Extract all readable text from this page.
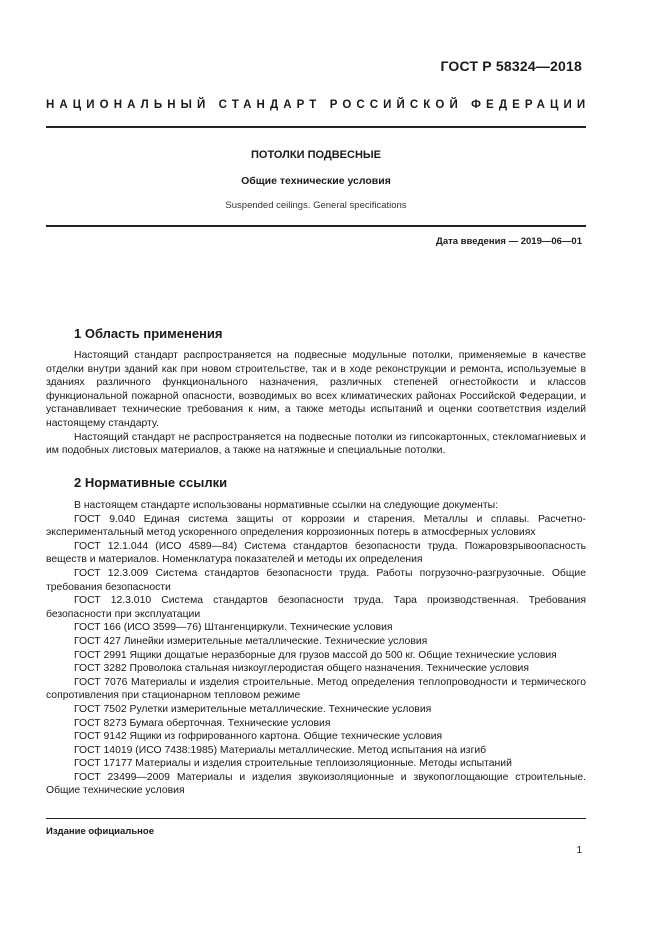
ГОСТ Р 58324—2018
НАЦИОНАЛЬНЫЙ СТАНДАРТ РОССИЙСКОЙ ФЕДЕРАЦИИ
ПОТОЛКИ ПОДВЕСНЫЕ
Общие технические условия
Suspended ceilings. General specifications
Дата введения — 2019—06—01
1 Область применения

Настоящий стандарт распространяется на подвесные модульные потолки, применяемые в качестве отделки внутри зданий как при новом строительстве, так и в ходе реконструкции и ремонта, используемые в зданиях различного функционального назначения, различных степеней огнестойкости и классов функциональной пожарной опасности, возводимых во всех климатических районах Российской Федерации, и устанавливает технические требования к ним, а также методы испытаний и оценки соответствия изделий настоящему стандарту.

Настоящий стандарт не распространяется на подвесные потолки из гипсокартонных, стекломагниевых и им подобных листовых материалов, а также на натяжные и специальные потолки.

2 Нормативные ссылки

В настоящем стандарте использованы нормативные ссылки на следующие документы:

ГОСТ 9.040 Единая система защиты от коррозии и старения. Металлы и сплавы. Расчетно-экспериментальный метод ускоренного определения коррозионных потерь в атмосферных условиях

ГОСТ 12.1.044 (ИСО 4589—84) Система стандартов безопасности труда. Пожаровзрывоопасность веществ и материалов. Номенклатура показателей и методы их определения

ГОСТ 12.3.009 Система стандартов безопасности труда. Работы погрузочно-разгрузочные. Общие требования безопасности

ГОСТ 12.3.010 Система стандартов безопасности труда. Тара производственная. Требования безопасности при эксплуатации

ГОСТ 166 (ИСО 3599—76) Штангенциркули. Технические условия

ГОСТ 427 Линейки измерительные металлические. Технические условия

ГОСТ 2991 Ящики дощатые неразборные для грузов массой до 500 кг. Общие технические условия

ГОСТ 3282 Проволока стальная низкоуглеродистая общего назначения. Технические условия

ГОСТ 7076 Материалы и изделия строительные. Метод определения теплопроводности и термического сопротивления при стационарном тепловом режиме

ГОСТ 7502 Рулетки измерительные металлические. Технические условия

ГОСТ 8273 Бумага оберточная. Технические условия

ГОСТ 9142 Ящики из гофрированного картона. Общие технические условия

ГОСТ 14019 (ИСО 7438:1985) Материалы металлические. Метод испытания на изгиб

ГОСТ 17177 Материалы и изделия строительные теплоизоляционные. Методы испытаний

ГОСТ 23499—2009 Материалы и изделия звукоизоляционные и звукопоглощающие строительные. Общие технические условия

Издание официальное
1
